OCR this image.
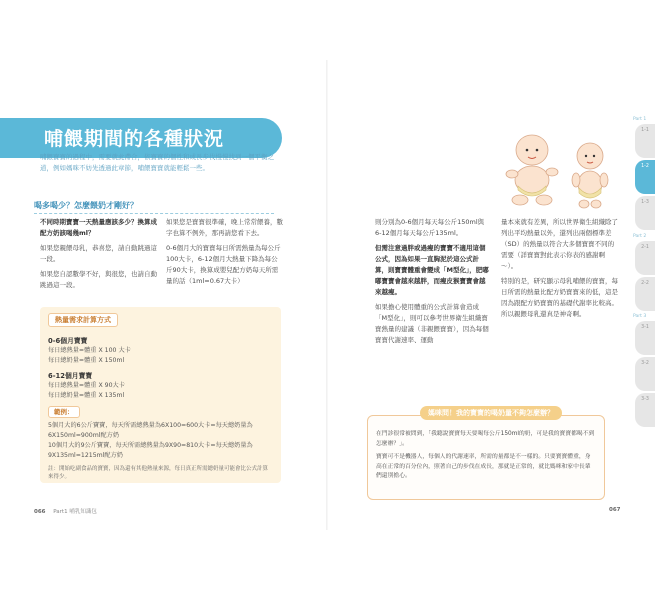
哺餵期間的各種狀況
哺餵寶寶的過程中，需要就此滯合，依寶寶的個性和成長步伐慢慢找到一個平衡之道，例如媽咪不妨先透過此章節，哺餵寶寶就能輕鬆一些。
喝多喝少？怎麼餵奶才剛好？

不同時期寶寶一天熱量應該多少？換算成配方奶該喝幾ml？

如果您親餵母乳，恭喜您，請自動跳過這一段。

如果您自認數學不好，與很您，也請自動跳過這一段。

如果您是寶寶很準確，晚上常常餵養，數字也算不例外，那再請您看下去。

0-6個月大的寶寶每日所需熱量為每公斤100大卡，6-12個月大熱量下降為每公斤90大卡，換算成嬰兒配方奶每天所需量的話（1ml=0.67大卡）

熱量需求計算方式
0-6個月寶寶
每日總熱量=體重 X 100 大卡
每日總奶量=體重 X 150ml
6-12個月寶寶
每日總熱量=體重 X 90大卡
每日總奶量=體重 X 135ml
範例：
5個月大的6公斤寶寶，每天所需總熱量為6X100=600大卡=每天總奶量為6X150ml=900ml配方奶
10個月大的9公斤寶寶，每天所需總熱量為9X90=810大卡=每天總奶量為9X135ml=1215ml配方奶
註：開始吃副食品的寶寶，因為還有其他熱量來源，每日真正所需總奶量可能會比公式計算來得少。
066 Part1 哺乳知識包

則分別為0-6個月每天每公斤150ml與6-12個月每天每公斤135ml。

但需注意過胖或過瘦的寶寶不適用這個公式，因為如果一直胸泥於這公式計算，則寶寶體重會變成「M型化」，肥嘟嘟寶寶會越來越胖，而瘦皮猴寶寶會越來越瘦。

如果擔心使用體重的公式計算會造成「M型化」，則可以參考世界衛生組織寶寶熱量的建議（非親餵寶寶），因為每個寶寶代謝速率、運動

量本來就有差異，所以世界衛生組織除了列出平均熱量以外，還列出兩個標準差（SD）的熱量以符合大多個寶寶不同的需要（詳寶寶對此表示你表的感謝啊～）。

特別的是，研究顯示母乳哺餵的寶寶，每日所需的熱量比配方奶寶寶來的低，這是因為跟配方奶寶寶的基礎代謝率比較高。所以親餵母乳還真是神奇啊。

在門診很常被問到，「我聽說寶寶每天要喝每公斤150ml的奶，可是我的寶寶都喝不到怎麼辦？」。

寶寶可不是機器人，每個人的代謝速率，所需的量都是不一樣的。只要寶寶體重，身高在正常的百分位內，照著自己的步伐在成長，那就是正常的，就比媽咪和家中長輩們還別擔心。

媽咪問！我的寶寶的喝奶量不夠怎麼辦？
067
Part 1
1-1
1-2
1-3
Part 2
2-1
2-2
Part 3
3-1
3-2
3-3
